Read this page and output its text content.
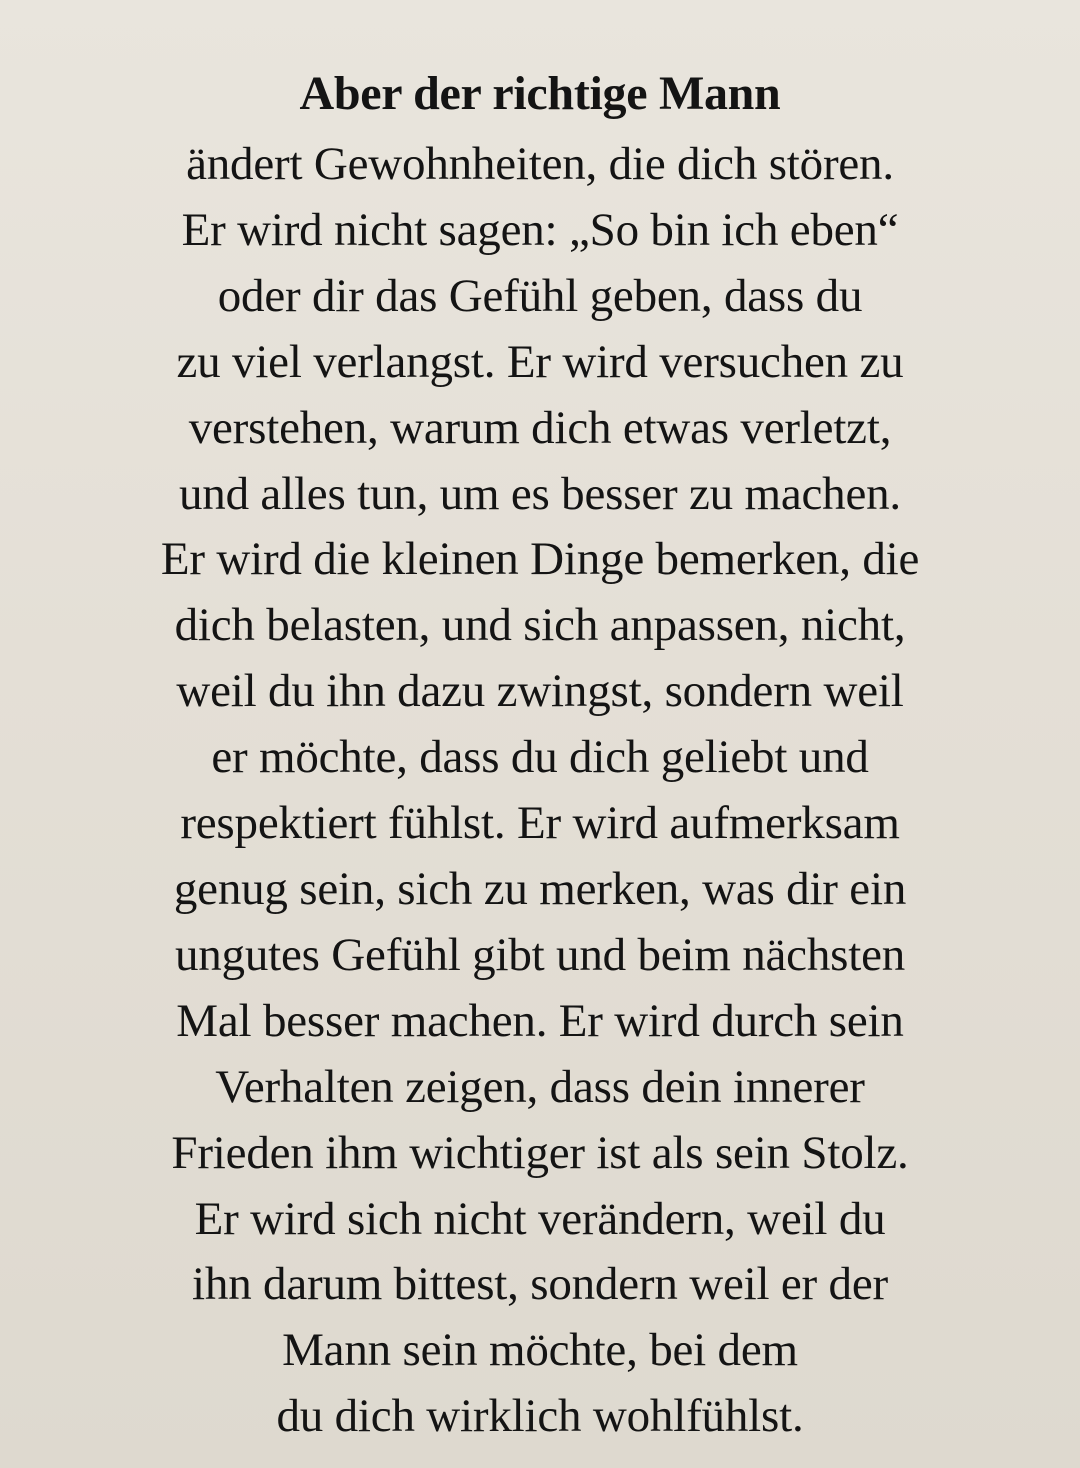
Aber der richtige Mann
ändert Gewohnheiten, die dich stören.
Er wird nicht sagen: „So bin ich eben“
oder dir das Gefühl geben, dass du
zu viel verlangst. Er wird versuchen zu
verstehen, warum dich etwas verletzt,
und alles tun, um es besser zu machen.
Er wird die kleinen Dinge bemerken, die
dich belasten, und sich anpassen, nicht,
weil du ihn dazu zwingst, sondern weil
er möchte, dass du dich geliebt und
respektiert fühlst. Er wird aufmerksam
genug sein, sich zu merken, was dir ein
ungutes Gefühl gibt und beim nächsten
Mal besser machen. Er wird durch sein
Verhalten zeigen, dass dein innerer
Frieden ihm wichtiger ist als sein Stolz.
Er wird sich nicht verändern, weil du
ihn darum bittest, sondern weil er der
Mann sein möchte, bei dem
du dich wirklich wohlfühlst.
